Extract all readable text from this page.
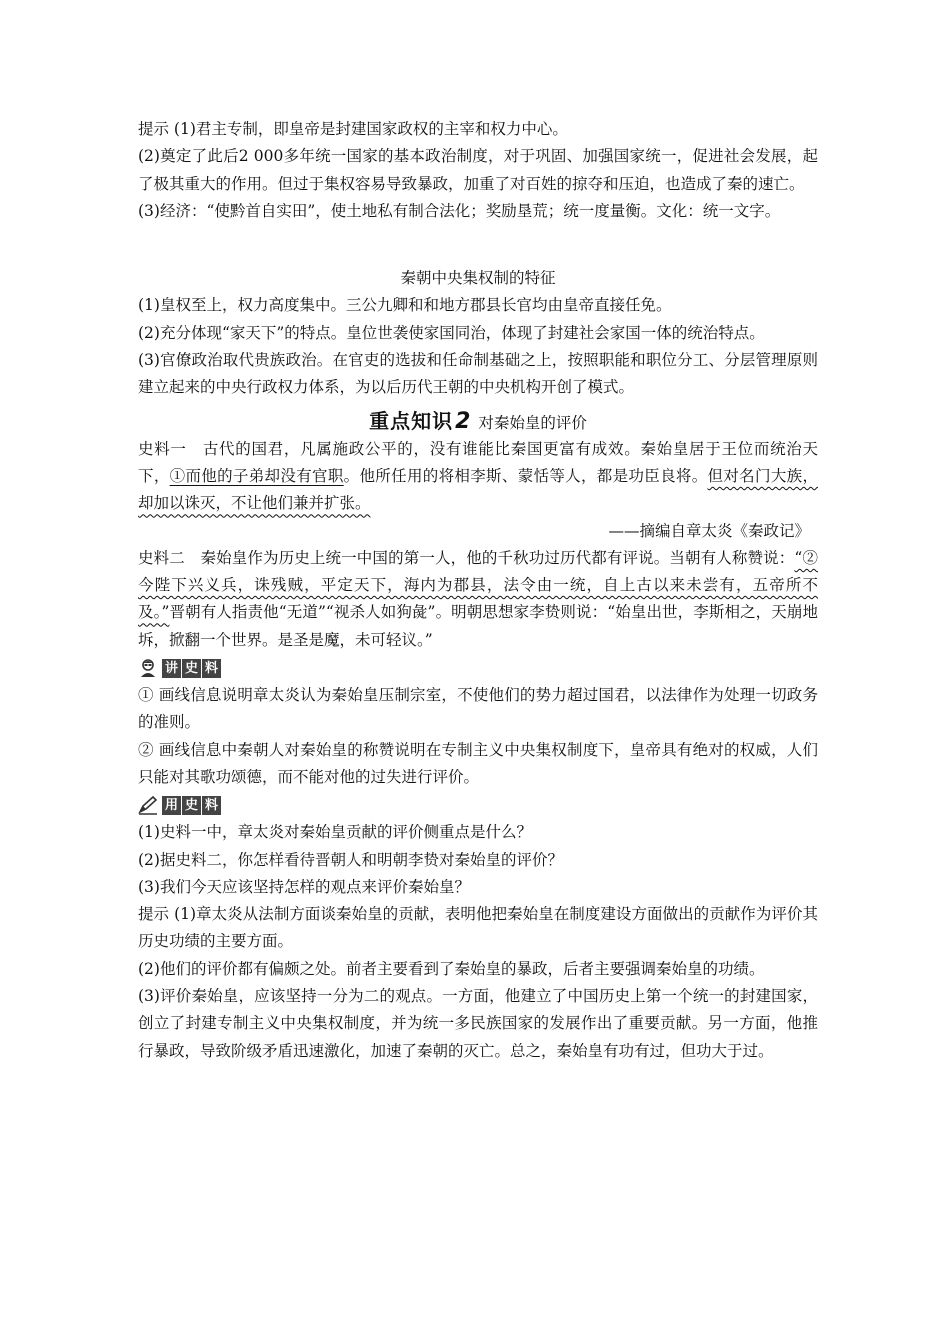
提示 (1)君主专制，即皇帝是封建国家政权的主宰和权力中心。

(2)奠定了此后2 000多年统一国家的基本政治制度，对于巩固、加强国家统一，促进社会发展，起了极其重大的作用。但过于集权容易导致暴政，加重了对百姓的掠夺和压迫，也造成了秦的速亡。

(3)经济：“使黔首自实田”，使土地私有制合法化；奖励垦荒；统一度量衡。文化：统一文字。

秦朝中央集权制的特征

(1)皇权至上，权力高度集中。三公九卿和和地方郡县长官均由皇帝直接任免。

(2)充分体现“家天下”的特点。皇位世袭使家国同治，体现了封建社会家国一体的统治特点。

(3)官僚政治取代贵族政治。在官吏的选拔和任命制基础之上，按照职能和职位分工、分层管理原则建立起来的中央行政权力体系，为以后历代王朝的中央机构开创了模式。

重点知识2 对秦始皇的评价

史料一　古代的国君，凡属施政公平的，没有谁能比秦国更富有成效。秦始皇居于王位而统治天下，①而他的子弟却没有官职。他所任用的将相李斯、蒙恬等人，都是功臣良将。但对名门大族，却加以诛灭，不让他们兼并扩张。

——摘编自章太炎《秦政记》

史料二　秦始皇作为历史上统一中国的第一人，他的千秋功过历代都有评说。当朝有人称赞说：“②今陛下兴义兵，诛残贼，平定天下，海内为郡县，法令由一统，自上古以来未尝有，五帝所不及。”晋朝有人指责他“无道”“视杀人如狗彘”。明朝思想家李贽则说：“始皇出世，李斯相之，天崩地坼，掀翻一个世界。是圣是魔，未可轻议。”

讲 史 料

① 画线信息说明章太炎认为秦始皇压制宗室，不使他们的势力超过国君，以法律作为处理一切政务的准则。

② 画线信息中秦朝人对秦始皇的称赞说明在专制主义中央集权制度下，皇帝具有绝对的权威，人们只能对其歌功颂德，而不能对他的过失进行评价。

用 史 料

(1)史料一中，章太炎对秦始皇贡献的评价侧重点是什么？

(2)据史料二，你怎样看待晋朝人和明朝李贽对秦始皇的评价？

(3)我们今天应该坚持怎样的观点来评价秦始皇？

提示 (1)章太炎从法制方面谈秦始皇的贡献，表明他把秦始皇在制度建设方面做出的贡献作为评价其历史功绩的主要方面。

(2)他们的评价都有偏颇之处。前者主要看到了秦始皇的暴政，后者主要强调秦始皇的功绩。

(3)评价秦始皇，应该坚持一分为二的观点。一方面，他建立了中国历史上第一个统一的封建国家，创立了封建专制主义中央集权制度，并为统一多民族国家的发展作出了重要贡献。另一方面，他推行暴政，导致阶级矛盾迅速激化，加速了秦朝的灭亡。总之，秦始皇有功有过，但功大于过。
